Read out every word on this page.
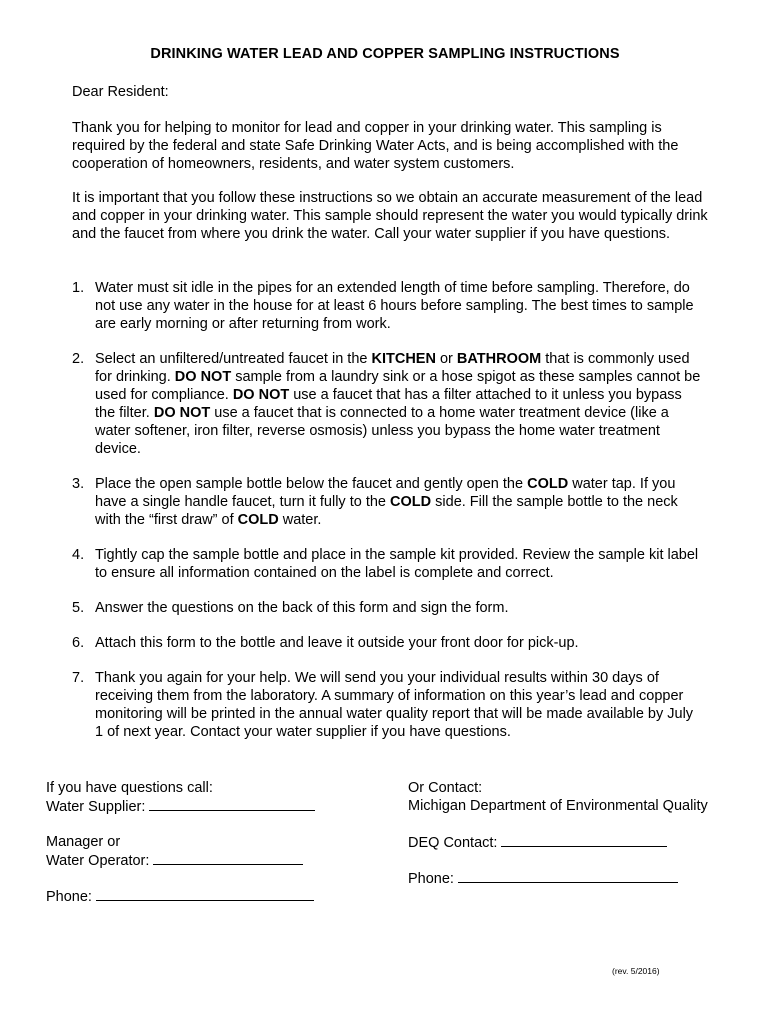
DRINKING WATER LEAD AND COPPER SAMPLING INSTRUCTIONS

Dear Resident:

Thank you for helping to monitor for lead and copper in your drinking water. This sampling is required by the federal and state Safe Drinking Water Acts, and is being accomplished with the cooperation of homeowners, residents, and water system customers.

It is important that you follow these instructions so we obtain an accurate measurement of the lead and copper in your drinking water. This sample should represent the water you would typically drink and the faucet from where you drink the water. Call your water supplier if you have questions.

1. Water must sit idle in the pipes for an extended length of time before sampling. Therefore, do not use any water in the house for at least 6 hours before sampling. The best times to sample are early morning or after returning from work.
2. Select an unfiltered/untreated faucet in the KITCHEN or BATHROOM that is commonly used for drinking. DO NOT sample from a laundry sink or a hose spigot as these samples cannot be used for compliance. DO NOT use a faucet that has a filter attached to it unless you bypass the filter. DO NOT use a faucet that is connected to a home water treatment device (like a water softener, iron filter, reverse osmosis) unless you bypass the home water treatment device.
3. Place the open sample bottle below the faucet and gently open the COLD water tap. If you have a single handle faucet, turn it fully to the COLD side. Fill the sample bottle to the neck with the “first draw” of COLD water.
4. Tightly cap the sample bottle and place in the sample kit provided. Review the sample kit label to ensure all information contained on the label is complete and correct.
5. Answer the questions on the back of this form and sign the form.
6. Attach this form to the bottle and leave it outside your front door for pick-up.
7. Thank you again for your help. We will send you your individual results within 30 days of receiving them from the laboratory. A summary of information on this year’s lead and copper monitoring will be printed in the annual water quality report that will be made available by July 1 of next year. Contact your water supplier if you have questions.

If you have questions call:

Water Supplier:

Manager or

Water Operator:

Phone:

Or Contact:

Michigan Department of Environmental Quality

DEQ Contact:

Phone:

(rev. 5/2016)
